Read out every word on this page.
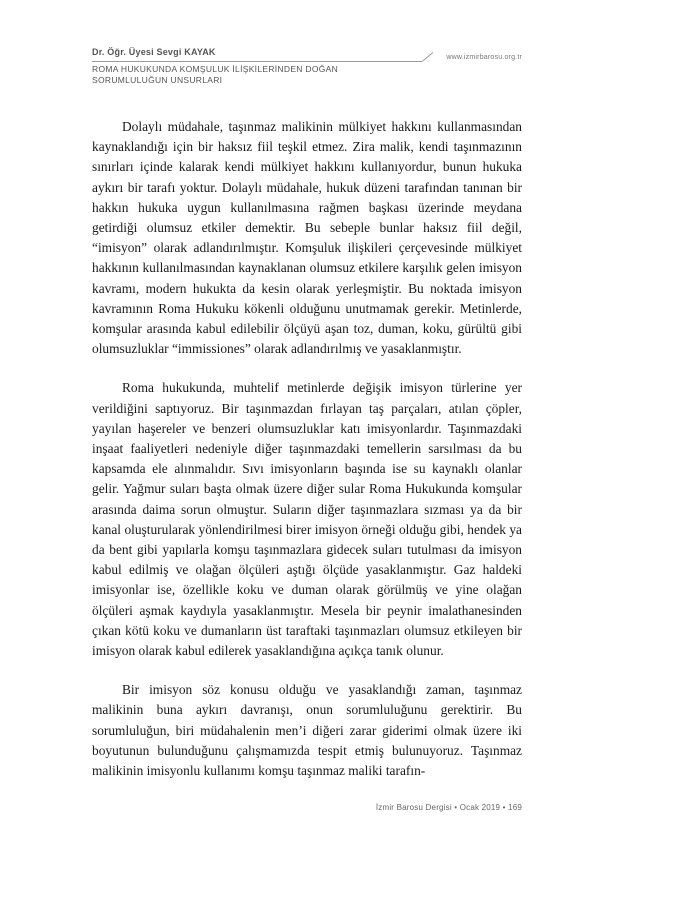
Dr. Öğr. Üyesi Sevgi KAYAK
ROMA HUKUKUNDA KOMŞULUK İLİŞKİLERİNDEN DOĞAN SORUMLULUĞUN UNSURLARI
www.izmirbarosu.org.tr

Dolaylı müdahale, taşınmaz malikinin mülkiyet hakkını kullanmasından kaynaklandığı için bir haksız fiil teşkil etmez. Zira malik, kendi taşınmazının sınırları içinde kalarak kendi mülkiyet hakkını kullanıyordur, bunun hukuka aykırı bir tarafı yoktur. Dolaylı müdahale, hukuk düzeni tarafından tanınan bir hakkın hukuka uygun kullanılmasına rağmen başkası üzerinde meydana getirdiği olumsuz etkiler demektir. Bu sebeple bunlar haksız fiil değil, “imisyon” olarak adlandırılmıştır. Komşuluk ilişkileri çerçevesinde mülkiyet hakkının kullanılmasından kaynaklanan olumsuz etkilere karşılık gelen imisyon kavramı, modern hukukta da kesin olarak yerleşmiştir. Bu noktada imisyon kavramının Roma Hukuku kökenli olduğunu unutmamak gerekir. Metinlerde, komşular arasında kabul edilebilir ölçüyü aşan toz, duman, koku, gürültü gibi olumsuzluklar “immissiones” olarak adlandırılmış ve yasaklanmıştır.

Roma hukukunda, muhtelif metinlerde değişik imisyon türlerine yer verildiğini saptıyoruz. Bir taşınmazdan fırlayan taş parçaları, atılan çöpler, yayılan haşereler ve benzeri olumsuzluklar katı imisyonlardır. Taşınmazdaki inşaat faaliyetleri nedeniyle diğer taşınmazdaki temellerin sarsılması da bu kapsamda ele alınmalıdır. Sıvı imisyonların başında ise su kaynaklı olanlar gelir. Yağmur suları başta olmak üzere diğer sular Roma Hukukunda komşular arasında daima sorun olmuştur. Suların diğer taşınmazlara sızması ya da bir kanal oluşturularak yönlendirilmesi birer imisyon örneği olduğu gibi, hendek ya da bent gibi yapılarla komşu taşınmazlara gidecek suları tutulması da imisyon kabul edilmiş ve olağan ölçüleri aştığı ölçüde yasaklanmıştır. Gaz haldeki imisyonlar ise, özellikle koku ve duman olarak görülmüş ve yine olağan ölçüleri aşmak kaydıyla yasaklanmıştır. Mesela bir peynir imalathanesinden çıkan kötü koku ve dumanların üst taraftaki taşınmazları olumsuz etkileyen bir imisyon olarak kabul edilerek yasaklandığına açıkça tanık olunur.

Bir imisyon söz konusu olduğu ve yasaklandığı zaman, taşınmaz malikinin buna aykırı davranışı, onun sorumluluğunu gerektirir. Bu sorumluluğun, biri müdahalenin men’i diğeri zarar giderimi olmak üzere iki boyutunun bulunduğunu çalışmamızda tespit etmiş bulunuyoruz. Taşınmaz malikinin imisyonlu kullanımı komşu taşınmaz maliki tarafın-

İzmir Barosu Dergisi • Ocak 2019 • 169
